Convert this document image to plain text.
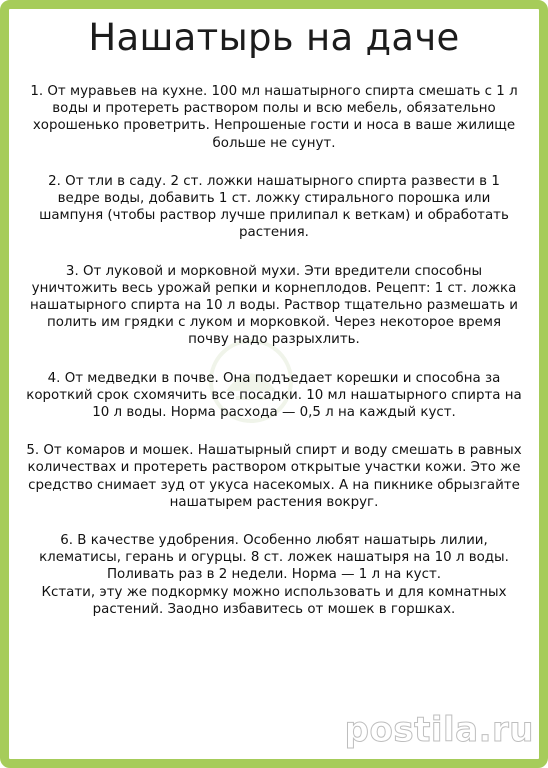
Нашатырь на даче

1. От муравьев на кухне. 100 мл нашатырного спирта смешать с 1 л воды и протереть раствором полы и всю мебель, обязательно хорошенько проветрить. Непрошеные гости и носа в ваше жилище больше не сунут.

2. От тли в саду. 2 ст. ложки нашатырного спирта развести в 1 ведре воды, добавить 1 ст. ложку стирального порошка или шампуня (чтобы раствор лучше прилипал к веткам) и обработать растения.

3. От луковой и морковной мухи. Эти вредители способны уничтожить весь урожай репки и корнеплодов. Рецепт: 1 ст. ложка нашатырного спирта на 10 л воды. Раствор тщательно размешать и полить им грядки с луком и морковкой. Через некоторое время почву надо разрыхлить.

4. От медведки в почве. Она подъедает корешки и способна за короткий срок схомячить все посадки. 10 мл нашатырного спирта на 10 л воды. Норма расхода — 0,5 л на каждый куст.

5. От комаров и мошек. Нашатырный спирт и воду смешать в равных количествах и протереть раствором открытые участки кожи. Это же средство снимает зуд от укуса насекомых. А на пикнике обрызгайте нашатырем растения вокруг.

6. В качестве удобрения. Особенно любят нашатырь лилии, клематисы, герань и огурцы. 8 ст. ложек нашатыря на 10 л воды. Поливать раз в 2 недели. Норма — 1 л на куст.

Кстати, эту же подкормку можно использовать и для комнатных растений. Заодно избавитесь от мошек в горшках.

postila.ru
